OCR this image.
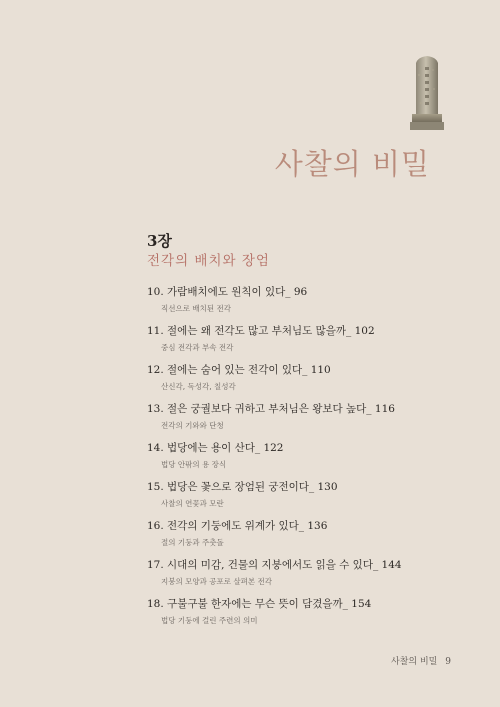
사찰의 비밀
3장
전각의 배치와 장엄
10. 가람배치에도 원칙이 있다_ 96
직선으로 배치된 전각
11. 절에는 왜 전각도 많고 부처님도 많을까_ 102
중심 전각과 부속 전각
12. 절에는 숨어 있는 전각이 있다_ 110
산신각, 독성각, 칠성각
13. 절은 궁궐보다 귀하고 부처님은 왕보다 높다_ 116
전각의 기와와 단청
14. 법당에는 용이 산다_ 122
법당 안팎의 용 장식
15. 법당은 꽃으로 장엄된 궁전이다_ 130
사찰의 연꽃과 모란
16. 전각의 기둥에도 위계가 있다_ 136
절의 기둥과 주춧돌
17. 시대의 미감, 건물의 지붕에서도 읽을 수 있다_ 144
지붕의 모양과 공포로 살펴본 전각
18. 구불구불 한자에는 무슨 뜻이 담겼을까_ 154
법당 기둥에 걸린 주련의 의미
사찰의 비밀 9
